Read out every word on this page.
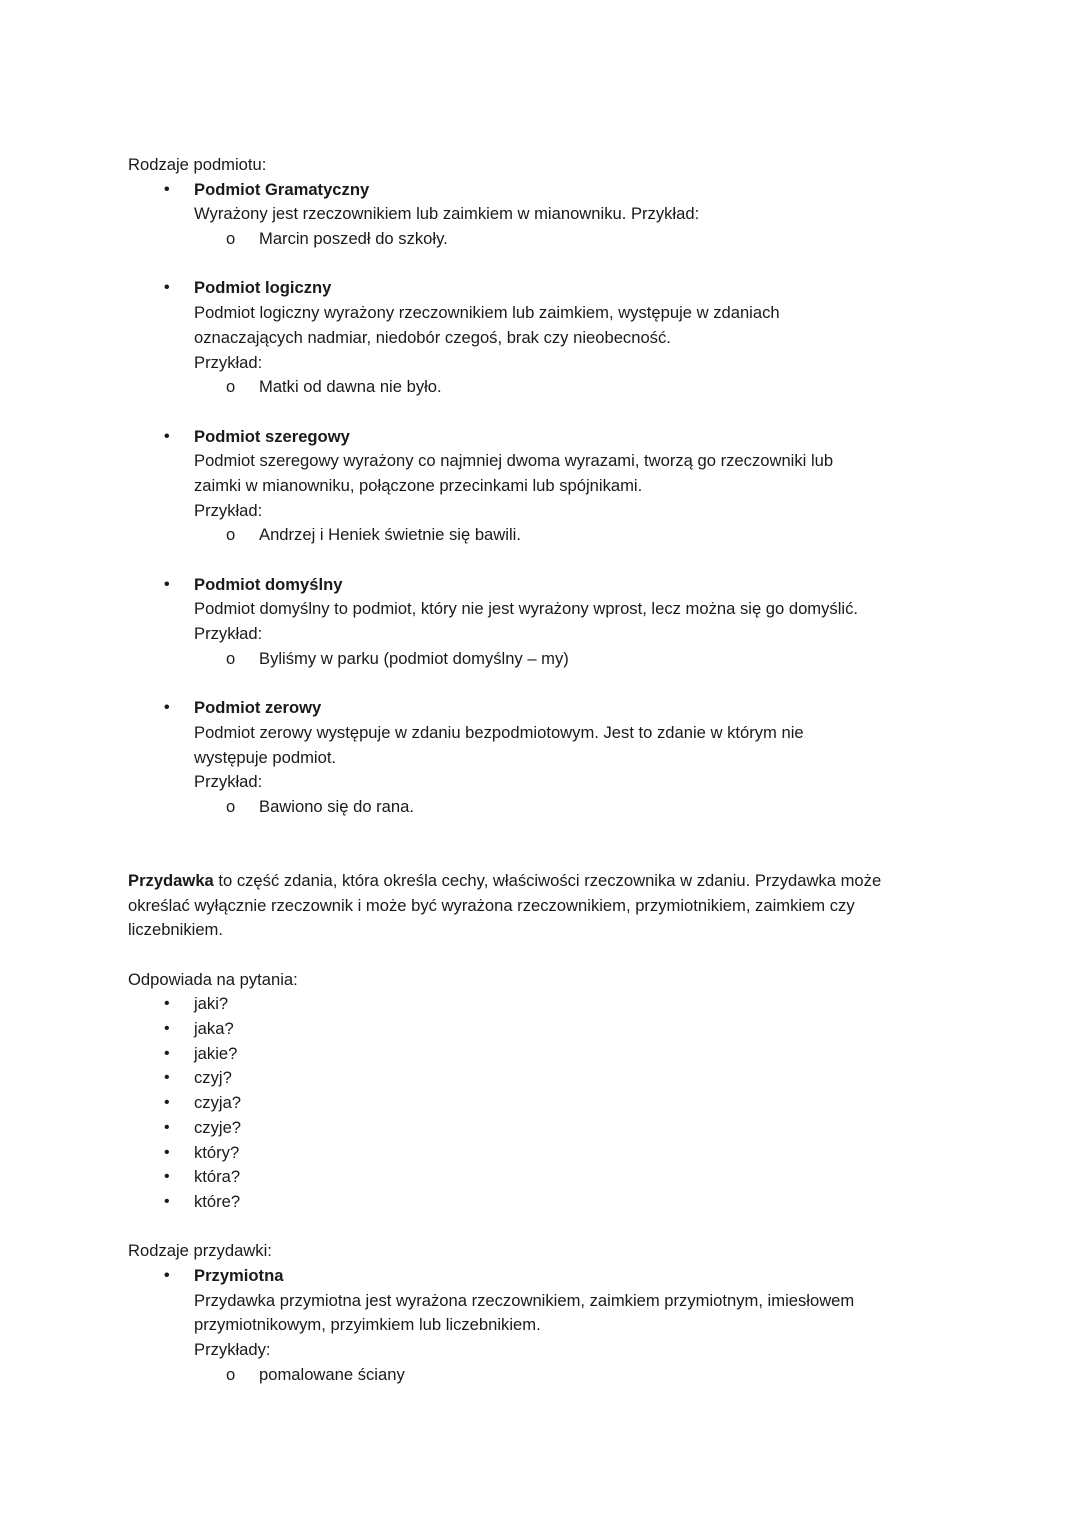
Rodzaje podmiotu:
• Podmiot Gramatyczny
Wyrażony jest rzeczownikiem lub zaimkiem w mianowniku. Przykład:
o Marcin poszedł do szkoły.
• Podmiot logiczny
Podmiot logiczny wyrażony rzeczownikiem lub zaimkiem, występuje w zdaniach
oznaczających nadmiar, niedobór czegoś, brak czy nieobecność.
Przykład:
o Matki od dawna nie było.
• Podmiot szeregowy
Podmiot szeregowy wyrażony co najmniej dwoma wyrazami, tworzą go rzeczowniki lub
zaimki w mianowniku, połączone przecinkami lub spójnikami.
Przykład:
o Andrzej i Heniek świetnie się bawili.
• Podmiot domyślny
Podmiot domyślny to podmiot, który nie jest wyrażony wprost, lecz można się go domyślić.
Przykład:
o Byliśmy w parku (podmiot domyślny – my)
• Podmiot zerowy
Podmiot zerowy występuje w zdaniu bezpodmiotowym. Jest to zdanie w którym nie
występuje podmiot.
Przykład:
o Bawiono się do rana.
Przydawka to część zdania, która określa cechy, właściwości rzeczownika w zdaniu. Przydawka może
określać wyłącznie rzeczownik i może być wyrażona rzeczownikiem, przymiotnikiem, zaimkiem czy
liczebnikiem.
Odpowiada na pytania:
• jaki?
• jaka?
• jakie?
• czyj?
• czyja?
• czyje?
• który?
• która?
• które?
Rodzaje przydawki:
• Przymiotna
Przydawka przymiotna jest wyrażona rzeczownikiem, zaimkiem przymiotnym, imiesłowem
przymiotnikowym, przyimkiem lub liczebnikiem.
Przykłady:
o pomalowane ściany
